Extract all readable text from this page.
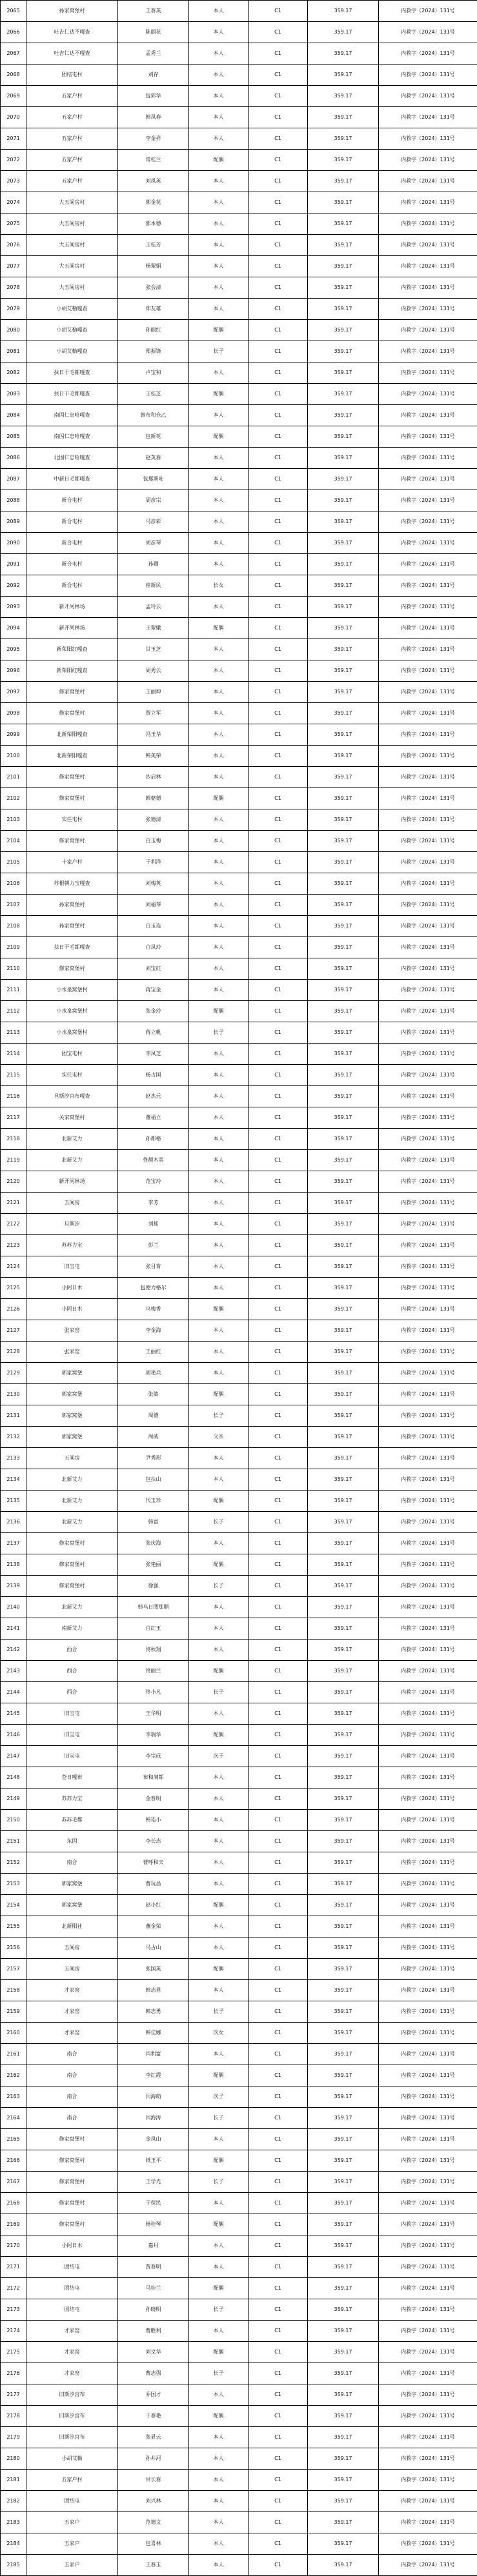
2065	孙家窝堡村	王春英	本人	C1	359.17	内救字（2024）131号
2066	吐吉仁达不嘎查	陈丽花	本人	C1	359.17	内救字（2024）131号
2067	吐吉仁达不嘎查	孟秀兰	本人	C1	359.17	内救字（2024）131号
2068	团结屯村	刘存	本人	C1	359.17	内救字（2024）131号
2069	五家户村	包彩华	本人	C1	359.17	内救字（2024）131号
2070	五家户村	韩凤春	本人	C1	359.17	内救字（2024）131号
2071	五家户村	李金祥	本人	C1	359.17	内救字（2024）131号
2072	五家户村	常桂兰	配偶	C1	359.17	内救字（2024）131号
2073	五家户村	刘凤英	本人	C1	359.17	内救字（2024）131号
2074	大五间房村	郭金花	本人	C1	359.17	内救字（2024）131号
2075	大五间房村	郭本德	本人	C1	359.17	内救字（2024）131号
2076	大五间房村	王桂芳	本人	C1	359.17	内救字（2024）131号
2077	大五间房村	杨翠娟	本人	C1	359.17	内救字（2024）131号
2078	大五间房村	张会清	本人	C1	359.17	内救字（2024）131号
2079	小胡艾勒嘎查	郑友雄	本人	C1	359.17	内救字（2024）131号
2080	小胡艾勒嘎查	孙丽红	配偶	C1	359.17	内救字（2024）131号
2081	小胡艾勒嘎查	郑振锋	长子	C1	359.17	内救字（2024）131号
2082	扶日干毛都嘎查	卢宝和	本人	C1	359.17	内救字（2024）131号
2083	扶日干毛都嘎查	王桂芝	配偶	C1	359.17	内救字（2024）131号
2084	南固仁忠哈嘎查	韩布和仓乙	本人	C1	359.17	内救字（2024）131号
2085	南固仁忠哈嘎查	包新花	配偶	C1	359.17	内救字（2024）131号
2086	北固仁忠哈嘎查	赵英春	本人	C1	359.17	内救字（2024）131号
2087	中新日毛都嘎查	包那斯吐	本人	C1	359.17	内救字（2024）131号
2088	新合屯村	周彦宗	本人	C1	359.17	内救字（2024）131号
2089	新合屯村	马彦彩	本人	C1	359.17	内救字（2024）131号
2090	新合屯村	周彦琴	本人	C1	359.17	内救字（2024）131号
2091	新合屯村	孙卿	本人	C1	359.17	内救字（2024）131号
2092	新合屯村	崔新民	长女	C1	359.17	内救字（2024）131号
2093	新开河林场	孟玲云	本人	C1	359.17	内救字（2024）131号
2094	新开河林场	王翠娥	配偶	C1	359.17	内救字（2024）131号
2095	新荣阳红嘎查	甘玉芝	本人	C1	359.17	内救字（2024）131号
2096	新荣阳红嘎查	周秀云	本人	C1	359.17	内救字（2024）131号
2097	修家窝堡村	王丽坤	本人	C1	359.17	内救字（2024）131号
2098	修家窝堡村	贾立军	本人	C1	359.17	内救字（2024）131号
2099	北新荣阳嘎查	冯玉华	本人	C1	359.17	内救字（2024）131号
2100	北新荣阳嘎查	韩美荣	本人	C1	359.17	内救字（2024）131号
2101	修家窝堡村	沙启林	本人	C1	359.17	内救字（2024）131号
2102	修家窝堡村	韩婆德	配偶	C1	359.17	内救字（2024）131号
2103	实任屯村	张德清	本人	C1	359.17	内救字（2024）131号
2104	修家窝堡村	白玉梅	本人	C1	359.17	内救字（2024）131号
2105	十家户村	于利洋	本人	C1	359.17	内救字（2024）131号
2106	苏根朝力宝嘎查	刘梅英	本人	C1	359.17	内救字（2024）131号
2107	孙家窝堡村	刘福琴	本人	C1	359.17	内救字（2024）131号
2108	孙家窝堡村	白玉连	本人	C1	359.17	内救字（2024）131号
2109	扶日干毛都嘎查	白凤玲	本人	C1	359.17	内救字（2024）131号
2110	修家窝堡村	刘宝红	本人	C1	359.17	内救字（2024）131号
2111	小水泉窝堡村	蒋宝金	本人	C1	359.17	内救字（2024）131号
2112	小水泉窝堡村	张金玲	配偶	C1	359.17	内救字（2024）131号
2113	小水泉窝堡村	蒋立帆	长子	C1	359.17	内救字（2024）131号
2114	团宝屯村	李凤芝	本人	C1	359.17	内救字（2024）131号
2115	实任屯村	杨占国	本人	C1	359.17	内救字（2024）131号
2116	旦斯汐宫布嘎查	赵杰元	本人	C1	359.17	内救字（2024）131号
2117	关家窝堡村	董福立	本人	C1	359.17	内救字（2024）131号
2118	北新艾力	孙都格	本人	C1	359.17	内救字（2024）131号
2119	北新艾力	佟额木其	本人	C1	359.17	内救字（2024）131号
2120	新开河林场	范宝玲	本人	C1	359.17	内救字（2024）131号
2121	五间房	李芳	本人	C1	359.17	内救字（2024）131号
2122	旦斯汐	刘抓	本人	C1	359.17	内救字（2024）131号
2123	苏苏力宝	彭兰	本人	C1	359.17	内救字（2024）131号
2124	旧宝屯	张目育	本人	C1	359.17	内救字（2024）131号
2125	小阿日木	包德力格尔	本人	C1	359.17	内救字（2024）131号
2126	小阿日木	乌梅香	配偶	C1	359.17	内救字（2024）131号
2127	张家窑	李金海	本人	C1	359.17	内救字（2024）131号
2128	张家窑	王丽红	本人	C1	359.17	内救字（2024）131号
2129	郭家窝堡	周艳兵	本人	C1	359.17	内救字（2024）131号
2130	郭家窝堡	张敏	配偶	C1	359.17	内救字（2024）131号
2131	郭家窝堡	周德	长子	C1	359.17	内救字（2024）131号
2132	郭家窝堡	周威	父亲	C1	359.17	内救字（2024）131号
2133	五间房	尹秀形	本人	C1	359.17	内救字（2024）131号
2134	北新艾力	包扶山	本人	C1	359.17	内救字（2024）131号
2135	北新艾力	代玉珍	配偶	C1	359.17	内救字（2024）131号
2136	北新艾力	韩富	长子	C1	359.17	内救字（2024）131号
2137	修家窝堡村	张庆海	本人	C1	359.17	内救字（2024）131号
2138	修家窝堡村	张艳丽	配偶	C1	359.17	内救字（2024）131号
2139	修家窝堡村	徐强	长子	C1	359.17	内救字（2024）131号
2140	北新艾力	韩乌日图那顺	本人	C1	359.17	内救字（2024）131号
2141	南新艾力	白红玉	本人	C1	359.17	内救字（2024）131号
2142	西合	佟秋翔	本人	C1	359.17	内救字（2024）131号
2143	西合	佟丽兰	配偶	C1	359.17	内救字（2024）131号
2144	西合	佟小凡	长子	C1	359.17	内救字（2024）131号
2145	旧宝屯	王华明	本人	C1	359.17	内救字（2024）131号
2146	旧宝屯	李瑞华	配偶	C1	359.17	内救字（2024）131号
2147	旧宝屯	李宗成	次子	C1	359.17	内救字（2024）131号
2148	苍日嘎布	布和满都	本人	C1	359.17	内救字（2024）131号
2149	苏苏力宝	金春明	本人	C1	359.17	内救字（2024）131号
2150	苏苏毛都	韩连小	本人	C1	359.17	内救字（2024）131号
2151	东固	李长志	本人	C1	359.17	内救字（2024）131号
2152	南合	曹呼和夫	本人	C1	359.17	内救字（2024）131号
2153	郭家窝堡	曹玩昌	本人	C1	359.17	内救字（2024）131号
2154	郭家窝堡	赵小红	配偶	C1	359.17	内救字（2024）131号
2155	北新阳社	董金荣	本人	C1	359.17	内救字（2024）131号
2156	五间房	马占山	本人	C1	359.17	内救字（2024）131号
2157	五间房	张国英	配偶	C1	359.17	内救字（2024）131号
2158	才家窑	韩志君	本人	C1	359.17	内救字（2024）131号
2159	才家窑	韩志勇	长子	C1	359.17	内救字（2024）131号
2160	才家窑	韩佳娜	次女	C1	359.17	内救字（2024）131号
2161	南合	闫利富	本人	C1	359.17	内救字（2024）131号
2162	南合	李红霞	配偶	C1	359.17	内救字（2024）131号
2163	南合	闫海萌	次子	C1	359.17	内救字（2024）131号
2164	南合	闫海涛	长子	C1	359.17	内救字（2024）131号
2165	修家窝堡村	金凤山	本人	C1	359.17	内救字（2024）131号
2166	修家窝堡村	纸玉平	配偶	C1	359.17	内救字（2024）131号
2167	修家窝堡村	王学光	长子	C1	359.17	内救字（2024）131号
2168	修家窝堡村	于保民	本人	C1	359.17	内救字（2024）131号
2169	修家窝堡村	杨桂琴	配偶	C1	359.17	内救字（2024）131号
2170	小阿日木	嘉丹	本人	C1	359.17	内救字（2024）131号
2171	团结屯	贾春明	本人	C1	359.17	内救字（2024）131号
2172	团结屯	马桂兰	配偶	C1	359.17	内救字（2024）131号
2173	团结屯	孙晓明	长子	C1	359.17	内救字（2024）131号
2174	才家窑	曹胜利	本人	C1	359.17	内救字（2024）131号
2175	才家窑	刘文华	配偶	C1	359.17	内救字（2024）131号
2176	才家窑	曹志强	长子	C1	359.17	内救字（2024）131号
2177	旧斯汐宫布	乔国才	本人	C1	359.17	内救字（2024）131号
2178	旧斯汐宫布	于春艳	配偶	C1	359.17	内救字（2024）131号
2179	旧斯汐宫布	张显云	本人	C1	359.17	内救字（2024）131号
2180	小胡艾勒	孙井河	本人	C1	359.17	内救字（2024）131号
2181	五家户村	甘长春	本人	C1	359.17	内救字（2024）131号
2182	团结屯	刘兴林	本人	C1	359.17	内救字（2024）131号
2183	五家户	范德文	本人	C1	359.17	内救字（2024）131号
2184	五家户	包喜林	本人	C1	359.17	内救字（2024）131号
2185	五家户	王春玉	本人	C1	359.17	内救字（2024）131号
